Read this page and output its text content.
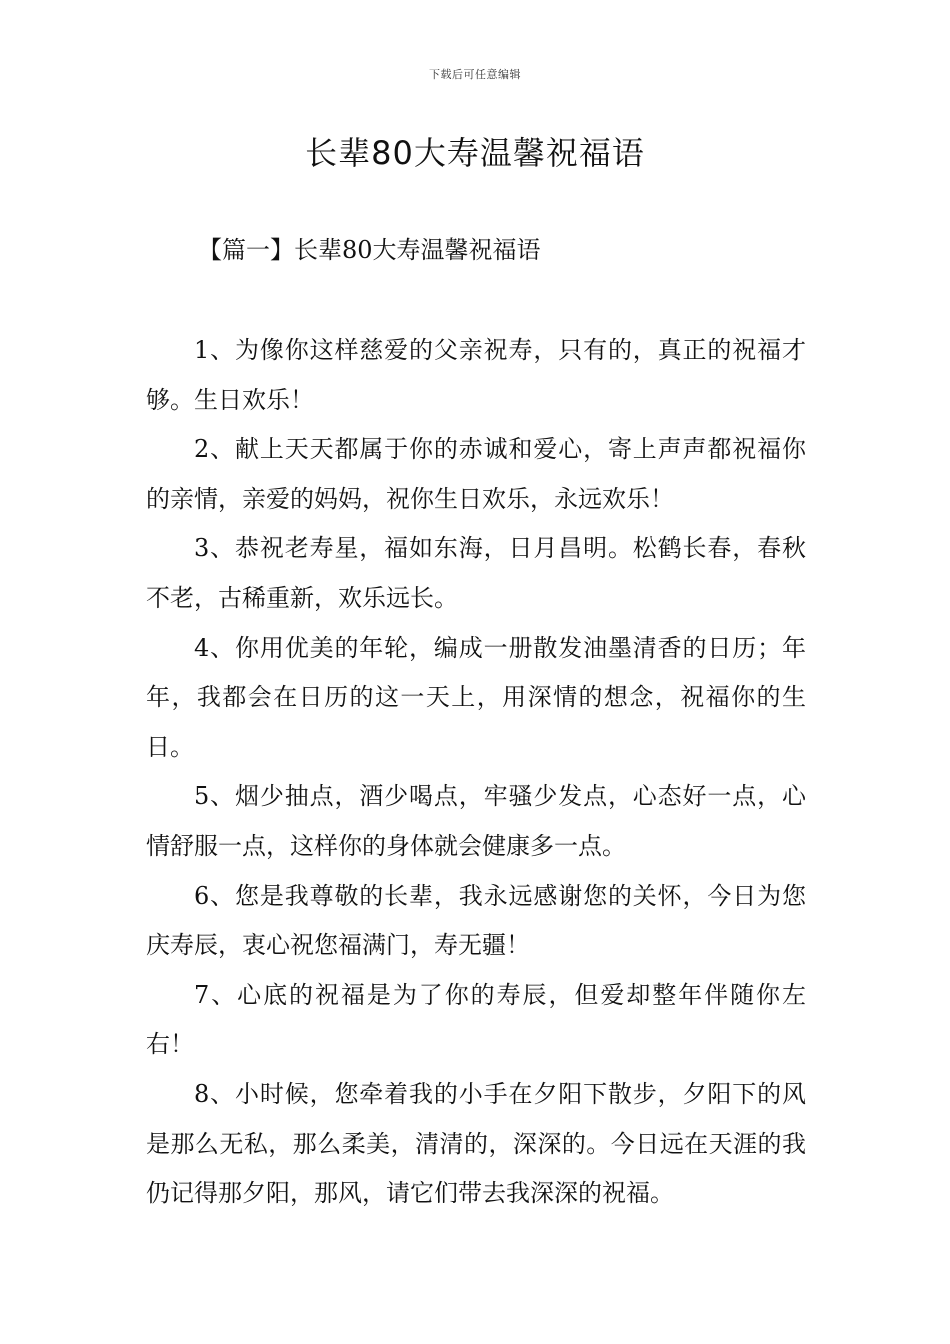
下载后可任意编辑
长辈80大寿温馨祝福语
【篇一】长辈80大寿温馨祝福语

1、为像你这样慈爱的父亲祝寿，只有的，真正的祝福才够。生日欢乐！

2、献上天天都属于你的赤诚和爱心，寄上声声都祝福你的亲情，亲爱的妈妈，祝你生日欢乐，永远欢乐！

3、恭祝老寿星，福如东海，日月昌明。松鹤长春，春秋不老，古稀重新，欢乐远长。

4、你用优美的年轮，编成一册散发油墨清香的日历；年年，我都会在日历的这一天上，用深情的想念，祝福你的生日。

5、烟少抽点，酒少喝点，牢骚少发点，心态好一点，心情舒服一点，这样你的身体就会健康多一点。

6、您是我尊敬的长辈，我永远感谢您的关怀，今日为您庆寿辰，衷心祝您福满门，寿无疆！

7、心底的祝福是为了你的寿辰，但爱却整年伴随你左右！

8、小时候，您牵着我的小手在夕阳下散步，夕阳下的风是那么无私，那么柔美，清清的，深深的。今日远在天涯的我仍记得那夕阳，那风，请它们带去我深深的祝福。
